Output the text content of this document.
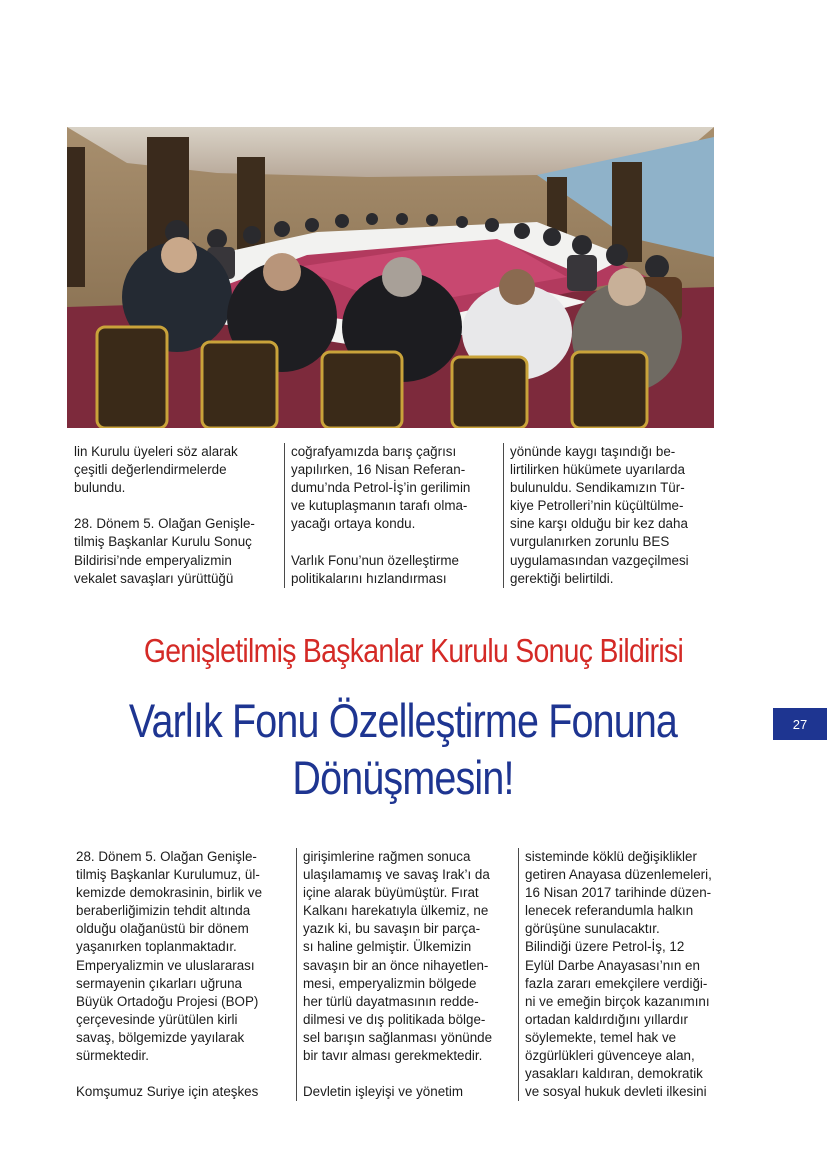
lin Kurulu üyeleri söz alarak
çeşitli değerlendirmelerde
bulundu.

28. Dönem 5. Olağan Genişle-
tilmiş Başkanlar Kurulu Sonuç
Bildirisi’nde emperyalizmin
vekalet savaşları yürüttüğü
coğrafyamızda barış çağrısı
yapılırken, 16 Nisan Referan-
dumu’nda Petrol-İş’in gerilimin
ve kutuplaşmanın tarafı olma-
yacağı ortaya kondu.

Varlık Fonu’nun özelleştirme
politikalarını hızlandırması
yönünde kaygı taşındığı be-
lirtilirken hükümete uyarılarda
bulunuldu. Sendikamızın Tür-
kiye Petrolleri’nin küçültülme-
sine karşı olduğu bir kez daha
vurgulanırken zorunlu BES
uygulamasından vazgeçilmesi
gerektiği belirtildi.
Genişletilmiş Başkanlar Kurulu Sonuç Bildirisi
Varlık Fonu Özelleştirme Fonuna
Dönüşmesin!
27
28. Dönem 5. Olağan Genişle-
tilmiş Başkanlar Kurulumuz, ül-
kemizde demokrasinin, birlik ve
beraberliğimizin tehdit altında
olduğu olağanüstü bir dönem
yaşanırken toplanmaktadır.
Emperyalizmin ve uluslararası
sermayenin çıkarları uğruna
Büyük Ortadoğu Projesi (BOP)
çerçevesinde yürütülen kirli
savaş, bölgemizde yayılarak
sürmektedir.

Komşumuz Suriye için ateşkes
girişimlerine rağmen sonuca
ulaşılamamış ve savaş Irak’ı da
içine alarak büyümüştür. Fırat
Kalkanı harekatıyla ülkemiz, ne
yazık ki, bu savaşın bir parça-
sı haline gelmiştir. Ülkemizin
savaşın bir an önce nihayetlen-
mesi, emperyalizmin bölgede
her türlü dayatmasının redde-
dilmesi ve dış politikada bölge-
sel barışın sağlanması yönünde
bir tavır alması gerekmektedir.

Devletin işleyişi ve yönetim
sisteminde köklü değişiklikler
getiren Anayasa düzenlemeleri,
16 Nisan 2017 tarihinde düzen-
lenecek referandumla halkın
görüşüne sunulacaktır.
Bilindiği üzere Petrol-İş, 12
Eylül Darbe Anayasası’nın en
fazla zararı emekçilere verdiği-
ni ve emeğin birçok kazanımını
ortadan kaldırdığını yıllardır
söylemekte, temel hak ve
özgürlükleri güvenceye alan,
yasakları kaldıran, demokratik
ve sosyal hukuk devleti ilkesini
